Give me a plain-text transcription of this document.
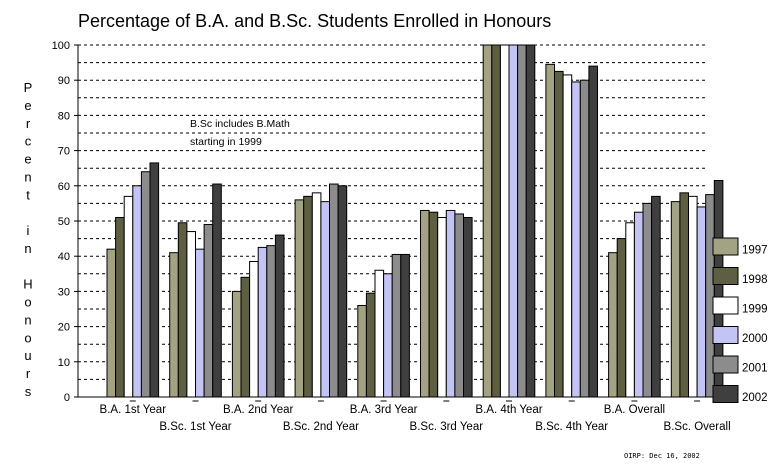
Percentage of B.A. and B.Sc. Students Enrolled in Honours
0
10
20
30
40
50
60
70
80
90
100
B.A. 1st Year
B.Sc. 1st Year
B.A. 2nd Year
B.Sc. 2nd Year
B.A. 3rd Year
B.Sc. 3rd Year
B.A. 4th Year
B.Sc. 4th Year
B.A. Overall
B.Sc. Overall
P
e
r
c
e
n
t
i
n
H
o
n
o
u
r
s
B.Sc includes B.Math
starting in 1999
1997
1998
1999
2000
2001
2002
OIRP: Dec 16, 2002
